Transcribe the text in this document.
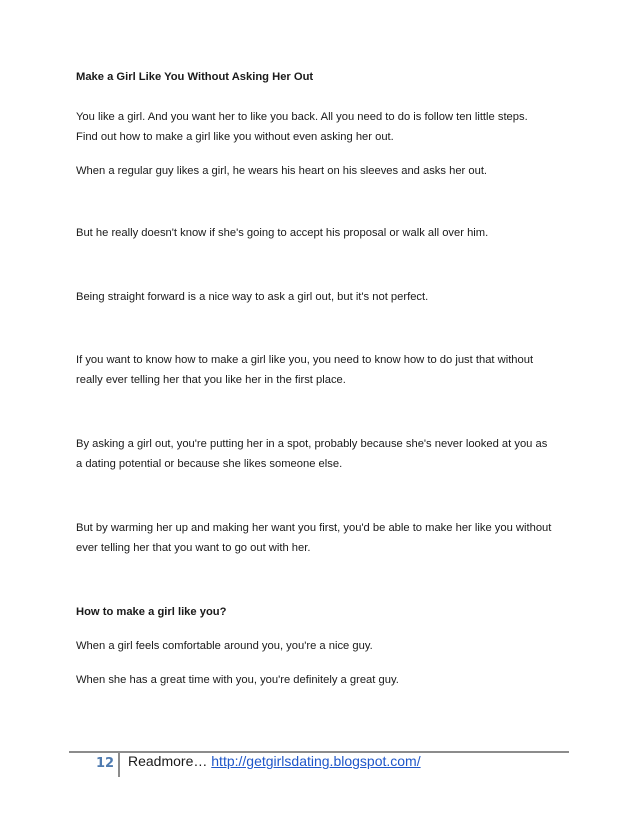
Make a Girl Like You Without Asking Her Out

You like a girl. And you want her to like you back. All you need to do is follow ten little steps.

Find out how to make a girl like you without even asking her out.

When a regular guy likes a girl, he wears his heart on his sleeves and asks her out.

But he really doesn't know if she's going to accept his proposal or walk all over him.

Being straight forward is a nice way to ask a girl out, but it's not perfect.

If you want to know how to make a girl like you, you need to know how to do just that without

really ever telling her that you like her in the first place.

By asking a girl out, you're putting her in a spot, probably because she's never looked at you as

a dating potential or because she likes someone else.

But by warming her up and making her want you first, you'd be able to make her like you without

ever telling her that you want to go out with her.

How to make a girl like you?

When a girl feels comfortable around you, you're a nice guy.

When she has a great time with you, you're definitely a great guy.

12 Readmore… http://getgirlsdating.blogspot.com/
